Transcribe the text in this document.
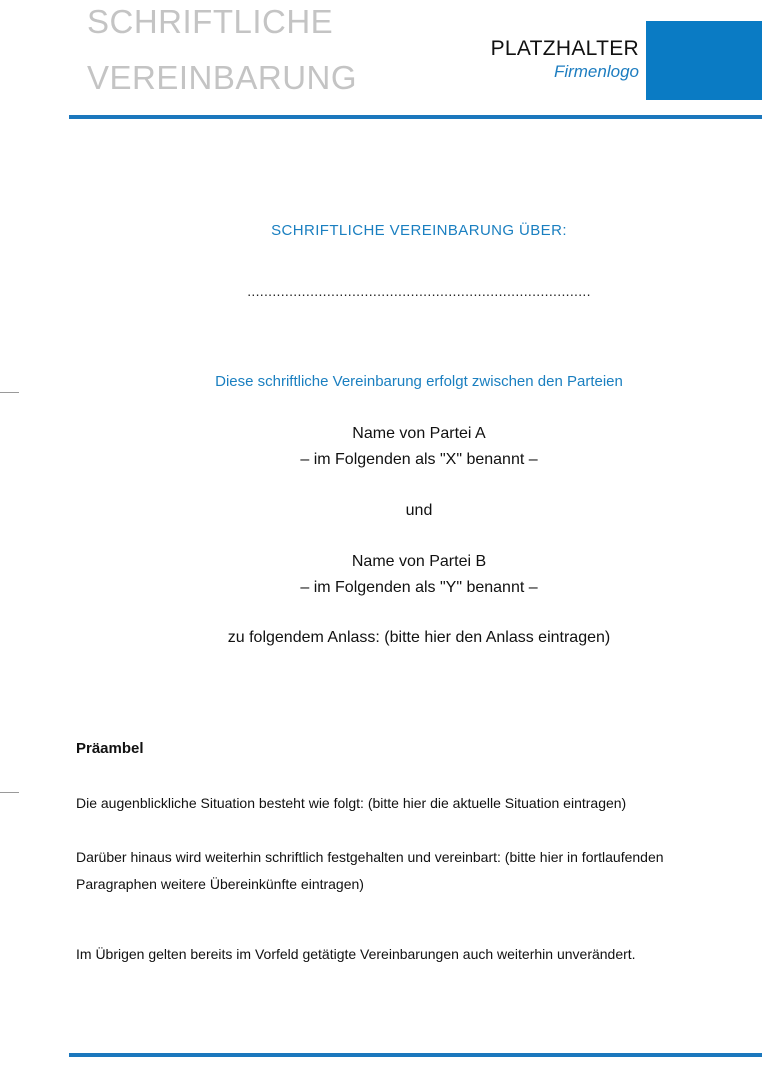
SCHRIFTLICHE
VEREINBARUNG
PLATZHALTER
Firmenlogo
SCHRIFTLICHE VEREINBARUNG ÜBER:
..................................................................................
Diese schriftliche Vereinbarung erfolgt zwischen den Parteien
Name von Partei A
– im Folgenden als "X" benannt –
und
Name von Partei B
– im Folgenden als "Y" benannt –
zu folgendem Anlass: (bitte hier den Anlass eintragen)
Präambel
Die augenblickliche Situation besteht wie folgt: (bitte hier die aktuelle Situation eintragen)
Darüber hinaus wird weiterhin schriftlich festgehalten und vereinbart: (bitte hier in fortlaufenden Paragraphen weitere Übereinkünfte eintragen)
Im Übrigen gelten bereits im Vorfeld getätigte Vereinbarungen auch weiterhin unverändert.
